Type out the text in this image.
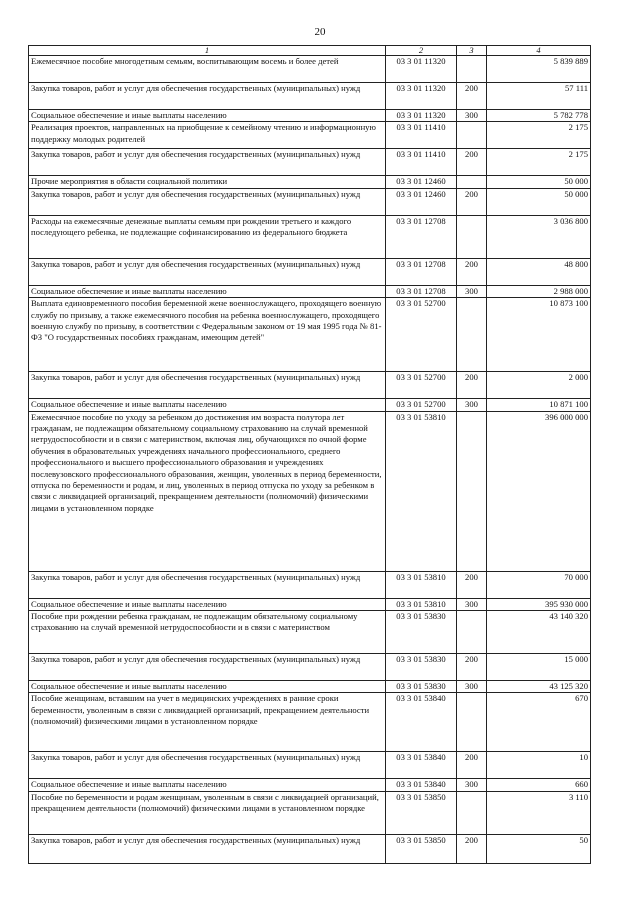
20
1	2	3	4
Ежемесячное пособие многодетным семьям, воспитывающим восемь и более детей	03 3 01 11320		5 839 889
Закупка товаров, работ и услуг для обеспечения государственных (муниципальных) нужд	03 3 01 11320	200	57 111
Социальное обеспечение и иные выплаты населению	03 3 01 11320	300	5 782 778
Реализация проектов, направленных на приобщение к семейному чтению и информационную поддержку молодых родителей	03 3 01 11410		2 175
Закупка товаров, работ и услуг для обеспечения государственных (муниципальных) нужд	03 3 01 11410	200	2 175
Прочие мероприятия в области социальной политики	03 3 01 12460		50 000
Закупка товаров, работ и услуг для обеспечения государственных (муниципальных) нужд	03 3 01 12460	200	50 000
Расходы на ежемесячные денежные выплаты семьям при рождении третьего и каждого последующего ребенка, не подлежащие софинансированию из федерального бюджета	03 3 01 12708		3 036 800
Закупка товаров, работ и услуг для обеспечения государственных (муниципальных) нужд	03 3 01 12708	200	48 800
Социальное обеспечение и иные выплаты населению	03 3 01 12708	300	2 988 000
Выплата единовременного пособия беременной жене военнослужащего, проходящего военную службу по призыву, а также ежемесячного пособия на ребенка военнослужащего, проходящего военную службу по призыву, в соответствии с Федеральным законом от 19 мая 1995 года № 81-ФЗ "О государственных пособиях гражданам, имеющим детей"	03 3 01 52700		10 873 100
Закупка товаров, работ и услуг для обеспечения государственных (муниципальных) нужд	03 3 01 52700	200	2 000
Социальное обеспечение и иные выплаты населению	03 3 01 52700	300	10 871 100
Ежемесячное пособие по уходу за ребенком до достижения им возраста полутора лет гражданам, не подлежащим обязательному социальному страхованию на случай временной нетрудоспособности и в связи с материнством, включая лиц, обучающихся по очной форме обучения в образовательных учреждениях начального профессионального, среднего профессионального и высшего профессионального образования и учреждениях послевузовского профессионального образования, женщин, уволенных в период беременности, отпуска по беременности и родам, и лиц, уволенных в период отпуска по уходу за ребенком в связи с ликвидацией организаций, прекращением деятельности (полномочий) физическими лицами в установленном порядке	03 3 01 53810		396 000 000
Закупка товаров, работ и услуг для обеспечения государственных (муниципальных) нужд	03 3 01 53810	200	70 000
Социальное обеспечение и иные выплаты населению	03 3 01 53810	300	395 930 000
Пособие при рождении ребенка гражданам, не подлежащим обязательному социальному страхованию на случай временной нетрудоспособности и в связи с материнством	03 3 01 53830		43 140 320
Закупка товаров, работ и услуг для обеспечения государственных (муниципальных) нужд	03 3 01 53830	200	15 000
Социальное обеспечение и иные выплаты населению	03 3 01 53830	300	43 125 320
Пособие женщинам, вставшим на учет в медицинских учреждениях в ранние сроки беременности, уволенным в связи с ликвидацией организаций, прекращением деятельности (полномочий) физическими лицами в установленном порядке	03 3 01 53840		670
Закупка товаров, работ и услуг для обеспечения государственных (муниципальных) нужд	03 3 01 53840	200	10
Социальное обеспечение и иные выплаты населению	03 3 01 53840	300	660
Пособие по беременности и родам женщинам, уволенным в связи с ликвидацией организаций, прекращением деятельности (полномочий) физическими лицами в установленном порядке	03 3 01 53850		3 110
Закупка товаров, работ и услуг для обеспечения государственных (муниципальных) нужд	03 3 01 53850	200	50
